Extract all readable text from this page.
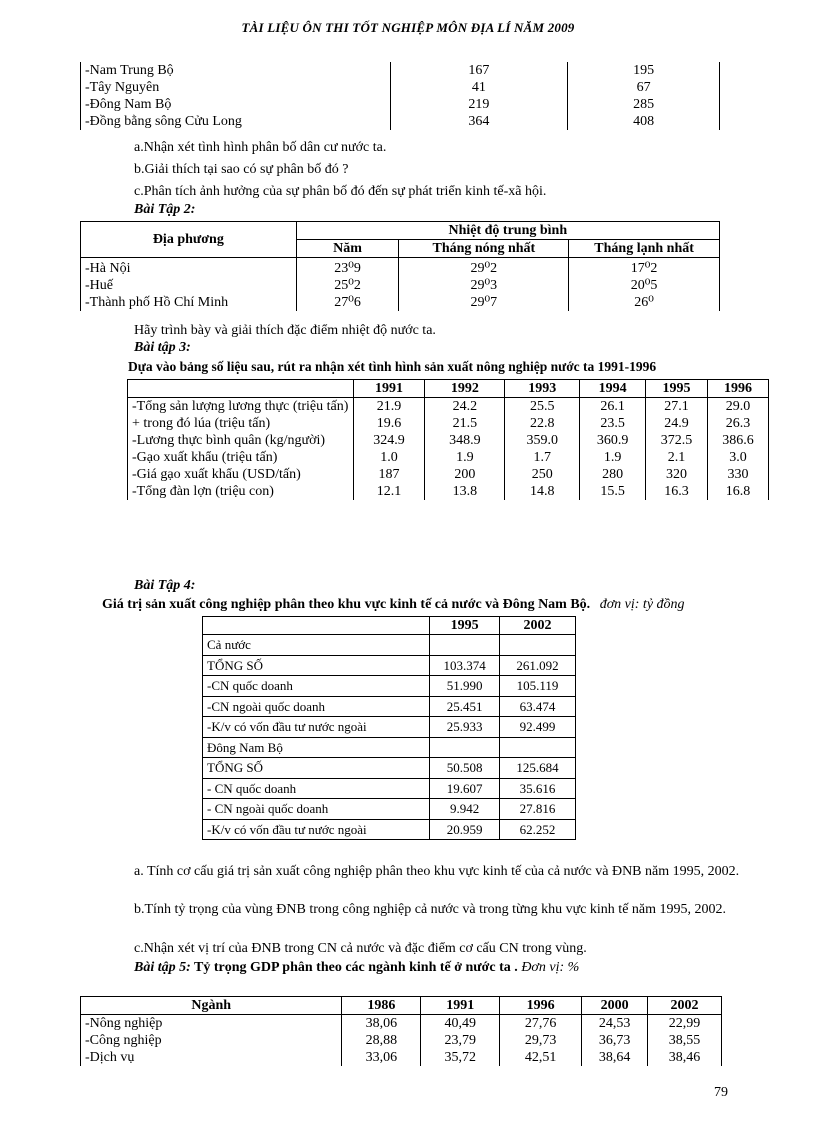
TÀI LIỆU ÔN THI TỐT NGHIỆP MÔN ĐỊA LÍ NĂM 2009
-Nam Trung Bộ	167	195
-Tây Nguyên	41	67
-Đông Nam Bộ	219	285
-Đồng bằng sông Cửu Long	364	408
a.Nhận xét tình hình phân bố dân cư nước ta.
b.Giải thích tại sao có sự phân bố đó ?
c.Phân tích ảnh hưởng của sự phân bố đó đến sự phát triển kinh tế-xã hội.
Bài Tập 2:
Địa phương	Nhiệt độ trung bình		
	Năm	Tháng nóng nhất	Tháng lạnh nhất
-Hà Nội	23⁰9	29⁰2	17⁰2
-Huế	25⁰2	29⁰3	20⁰5
-Thành phố Hồ Chí Minh	27⁰6	29⁰7	26⁰
Hãy trình bày và giải thích đặc điểm nhiệt độ nước ta.
Bài tập 3:
Dựa vào bảng số liệu sau, rút ra nhận xét tình hình sản xuất nông nghiệp nước ta 1991-1996
	1991	1992	1993	1994	1995	1996
-Tổng sản lượng lương thực (triệu tấn)	21.9	24.2	25.5	26.1	27.1	29.0
+ trong đó lúa (triệu tấn)	19.6	21.5	22.8	23.5	24.9	26.3
-Lương thực bình quân (kg/người)	324.9	348.9	359.0	360.9	372.5	386.6
-Gạo xuất khẩu (triệu tấn)	1.0	1.9	1.7	1.9	2.1	3.0
-Giá gạo xuất khẩu (USD/tấn)	187	200	250	280	320	330
-Tổng đàn lợn (triệu con)	12.1	13.8	14.8	15.5	16.3	16.8
Bài Tập 4:
Giá trị sản xuất công nghiệp phân theo khu vực kinh tế cả nước và Đông Nam Bộ. đơn vị: tỷ đồng
	1995	2002
Cả nước		
TỔNG SỐ	103.374	261.092
-CN quốc doanh	51.990	105.119
-CN ngoài quốc doanh	25.451	63.474
-K/v có vốn đầu tư nước ngoài	25.933	92.499
Đông Nam Bộ		
TỔNG SỐ	50.508	125.684
- CN quốc doanh	19.607	35.616
- CN ngoài quốc doanh	9.942	27.816
-K/v có vốn đầu tư nước ngoài	20.959	62.252
a. Tính cơ cấu giá trị sản xuất công nghiệp phân theo khu vực kinh tế của cả nước và ĐNB năm 1995, 2002.
b.Tính tỷ trọng của vùng ĐNB trong công nghiệp cả nước và trong từng khu vực kinh tế năm 1995, 2002.
c.Nhận xét vị trí của ĐNB trong CN cả nước và đặc điểm cơ cấu CN trong vùng.
Bài tập 5: Tỷ trọng GDP phân theo các ngành kinh tế ở nước ta . Đơn vị: %
Ngành	1986	1991	1996	2000	2002
-Nông nghiệp	38,06	40,49	27,76	24,53	22,99
-Công nghiệp	28,88	23,79	29,73	36,73	38,55
-Dịch vụ	33,06	35,72	42,51	38,64	38,46
79
